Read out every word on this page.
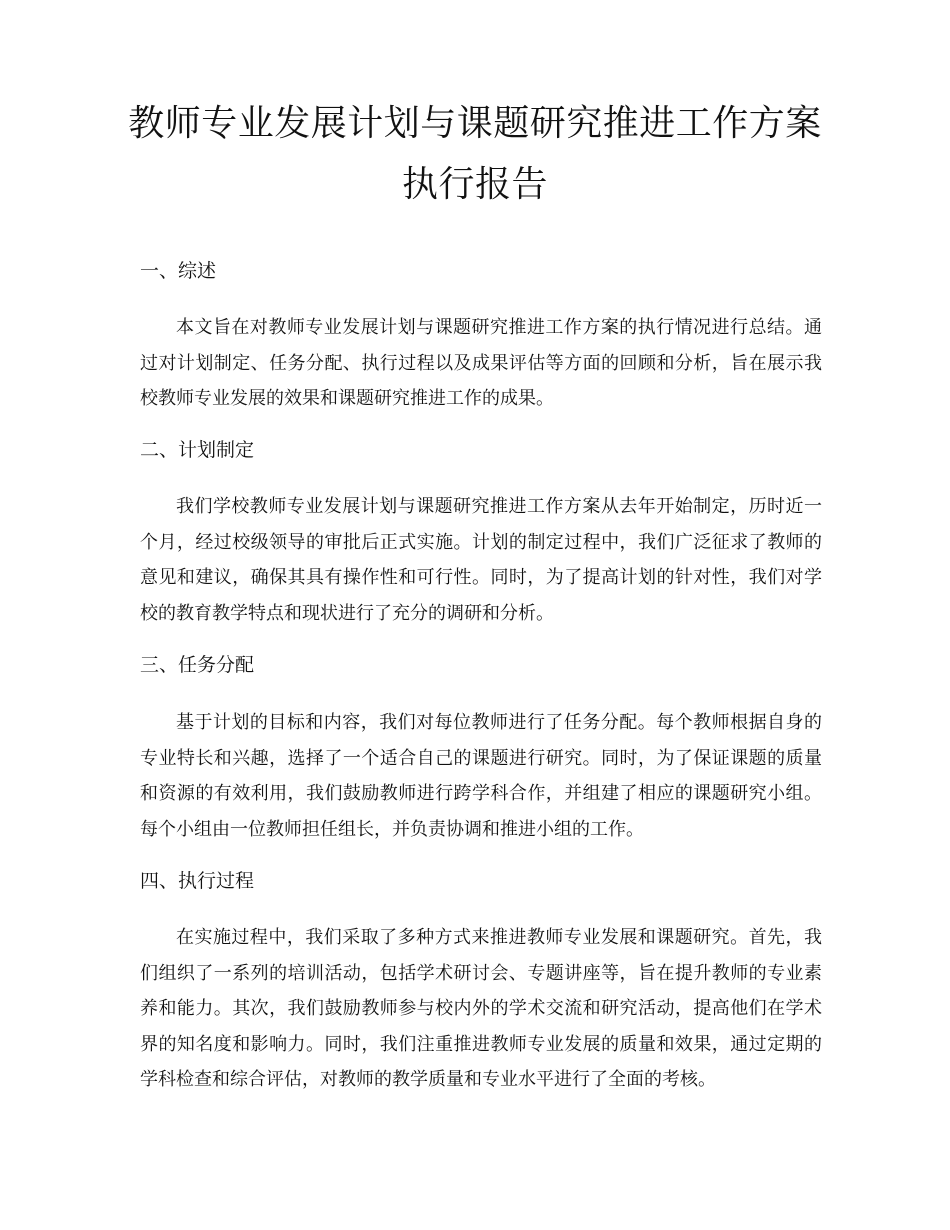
教师专业发展计划与课题研究推进工作方案
执行报告
一、综述
本文旨在对教师专业发展计划与课题研究推进工作方案的执行情况进行总结。通过对计划制定、任务分配、执行过程以及成果评估等方面的回顾和分析，旨在展示我校教师专业发展的效果和课题研究推进工作的成果。
二、计划制定
我们学校教师专业发展计划与课题研究推进工作方案从去年开始制定，历时近一个月，经过校级领导的审批后正式实施。计划的制定过程中，我们广泛征求了教师的意见和建议，确保其具有操作性和可行性。同时，为了提高计划的针对性，我们对学校的教育教学特点和现状进行了充分的调研和分析。
三、任务分配
基于计划的目标和内容，我们对每位教师进行了任务分配。每个教师根据自身的专业特长和兴趣，选择了一个适合自己的课题进行研究。同时，为了保证课题的质量和资源的有效利用，我们鼓励教师进行跨学科合作，并组建了相应的课题研究小组。每个小组由一位教师担任组长，并负责协调和推进小组的工作。
四、执行过程
在实施过程中，我们采取了多种方式来推进教师专业发展和课题研究。首先，我们组织了一系列的培训活动，包括学术研讨会、专题讲座等，旨在提升教师的专业素养和能力。其次，我们鼓励教师参与校内外的学术交流和研究活动，提高他们在学术界的知名度和影响力。同时，我们注重推进教师专业发展的质量和效果，通过定期的学科检查和综合评估，对教师的教学质量和专业水平进行了全面的考核。
